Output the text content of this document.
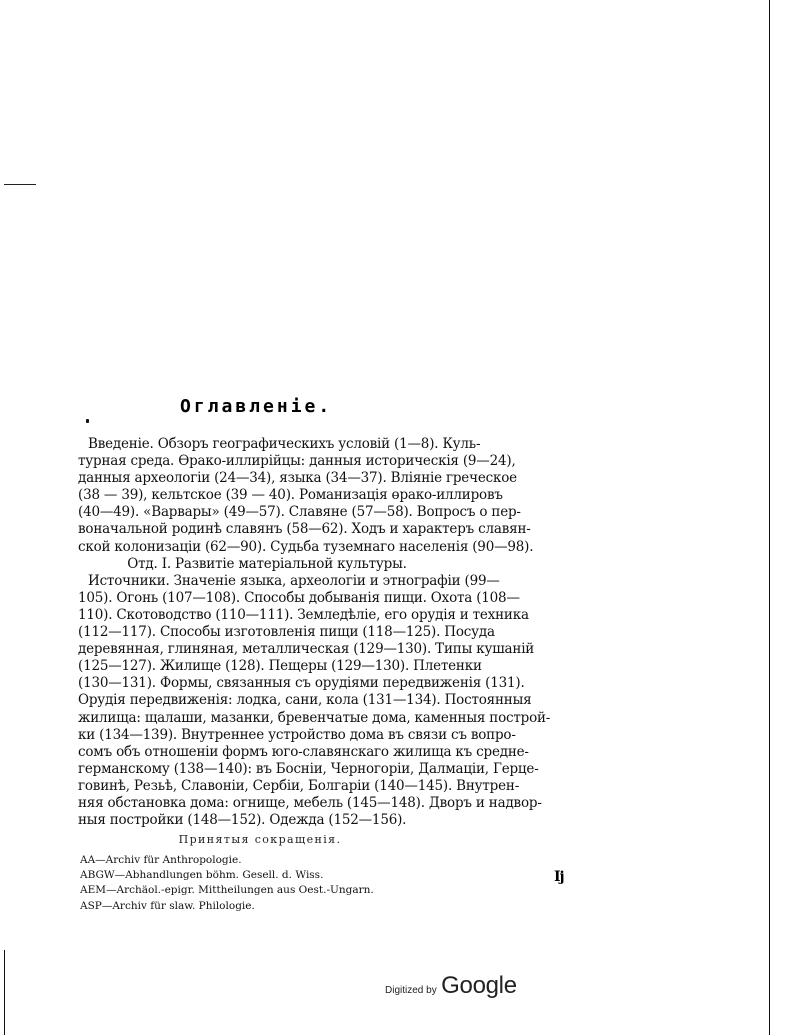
Оглавленіе.

Введеніе. Обзоръ географическихъ условій (1—8). Куль-
турная среда. Өрако-иллирійцы: данныя историческія (9—24),
данныя археологіи (24—34), языка (34—37). Вліяніе греческое
(38 — 39), кельтское (39 — 40). Романизація өрако-иллировъ
(40—49). «Варвары» (49—57). Славяне (57—58). Вопросъ о пер-
воначальной родинѣ славянъ (58—62). Ходъ и характеръ славян-
ской колонизаціи (62—90). Судьба туземнаго населенія (90—98).

Отд. I. Развитіе матеріальной культуры.

Источники. Значеніе языка, археологіи и этнографіи (99—
105). Огонь (107—108). Способы добыванія пищи. Охота (108—
110). Скотоводство (110—111). Земледѣліе, его орудія и техника
(112—117). Способы изготовленія пищи (118—125). Посуда
деревянная, глиняная, металлическая (129—130). Типы кушаній
(125—127). Жилище (128). Пещеры (129—130). Плетенки
(130—131). Формы, связанныя съ орудіями передвиженія (131).
Орудія передвиженія: лодка, сани, кола (131—134). Постоянныя
жилища: щалаши, мазанки, бревенчатые дома, каменныя построй-
ки (134—139). Внутреннее устройство дома въ связи съ вопро-
сомъ объ отношеніи формъ юго-славянскаго жилища къ средне-
германскому (138—140): въ Босніи, Черногоріи, Далмаціи, Герце-
говинѣ, Резьѣ, Славоніи, Сербіи, Болгаріи (140—145). Внутрен-
няя обстановка дома: огнище, мебель (145—148). Дворъ и надвор-
ныя постройки (148—152). Одежда (152—156).

Принятыя сокращенія.
AA—Archiv für Anthropologie.
ABGW—Abhandlungen böhm. Gesell. d. Wiss.
AEM—Archäol.-epigr. Mittheilungen aus Oest.-Ungarn.
ASP—Archiv für slaw. Philologie.
Ij
Digitized by Google
